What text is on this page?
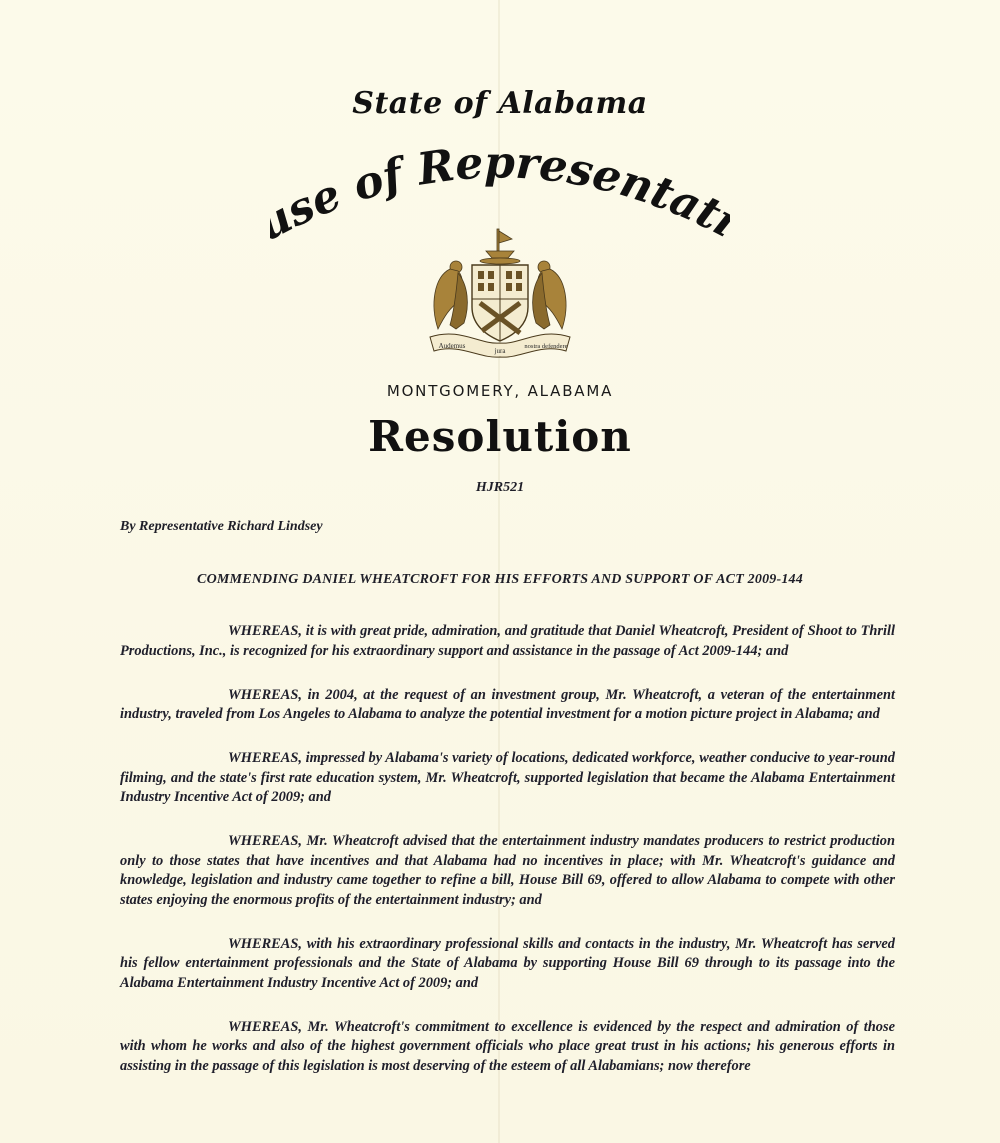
State of Alabama
se of Representat
Audemus
jura
nostra defendere
MONTGOMERY, ALABAMA
Resolution
HJR521
By Representative Richard Lindsey
COMMENDING DANIEL WHEATCROFT FOR HIS EFFORTS AND SUPPORT OF ACT 2009-144

WHEREAS, it is with great pride, admiration, and gratitude that Daniel Wheatcroft, President of Shoot to Thrill Productions, Inc., is recognized for his extraordinary support and assistance in the passage of Act 2009-144; and

WHEREAS, in 2004, at the request of an investment group, Mr. Wheatcroft, a veteran of the entertainment industry, traveled from Los Angeles to Alabama to analyze the potential investment for a motion picture project in Alabama; and

WHEREAS, impressed by Alabama's variety of locations, dedicated workforce, weather conducive to year-round filming, and the state's first rate education system, Mr. Wheatcroft, supported legislation that became the Alabama Entertainment Industry Incentive Act of 2009; and

WHEREAS, Mr. Wheatcroft advised that the entertainment industry mandates producers to restrict production only to those states that have incentives and that Alabama had no incentives in place; with Mr. Wheatcroft's guidance and knowledge, legislation and industry came together to refine a bill, House Bill 69, offered to allow Alabama to compete with other states enjoying the enormous profits of the entertainment industry; and

WHEREAS, with his extraordinary professional skills and contacts in the industry, Mr. Wheatcroft has served his fellow entertainment professionals and the State of Alabama by supporting House Bill 69 through to its passage into the Alabama Entertainment Industry Incentive Act of 2009; and

WHEREAS, Mr. Wheatcroft's commitment to excellence is evidenced by the respect and admiration of those with whom he works and also of the highest government officials who place great trust in his actions; his generous efforts in assisting in the passage of this legislation is most deserving of the esteem of all Alabamians; now therefore
